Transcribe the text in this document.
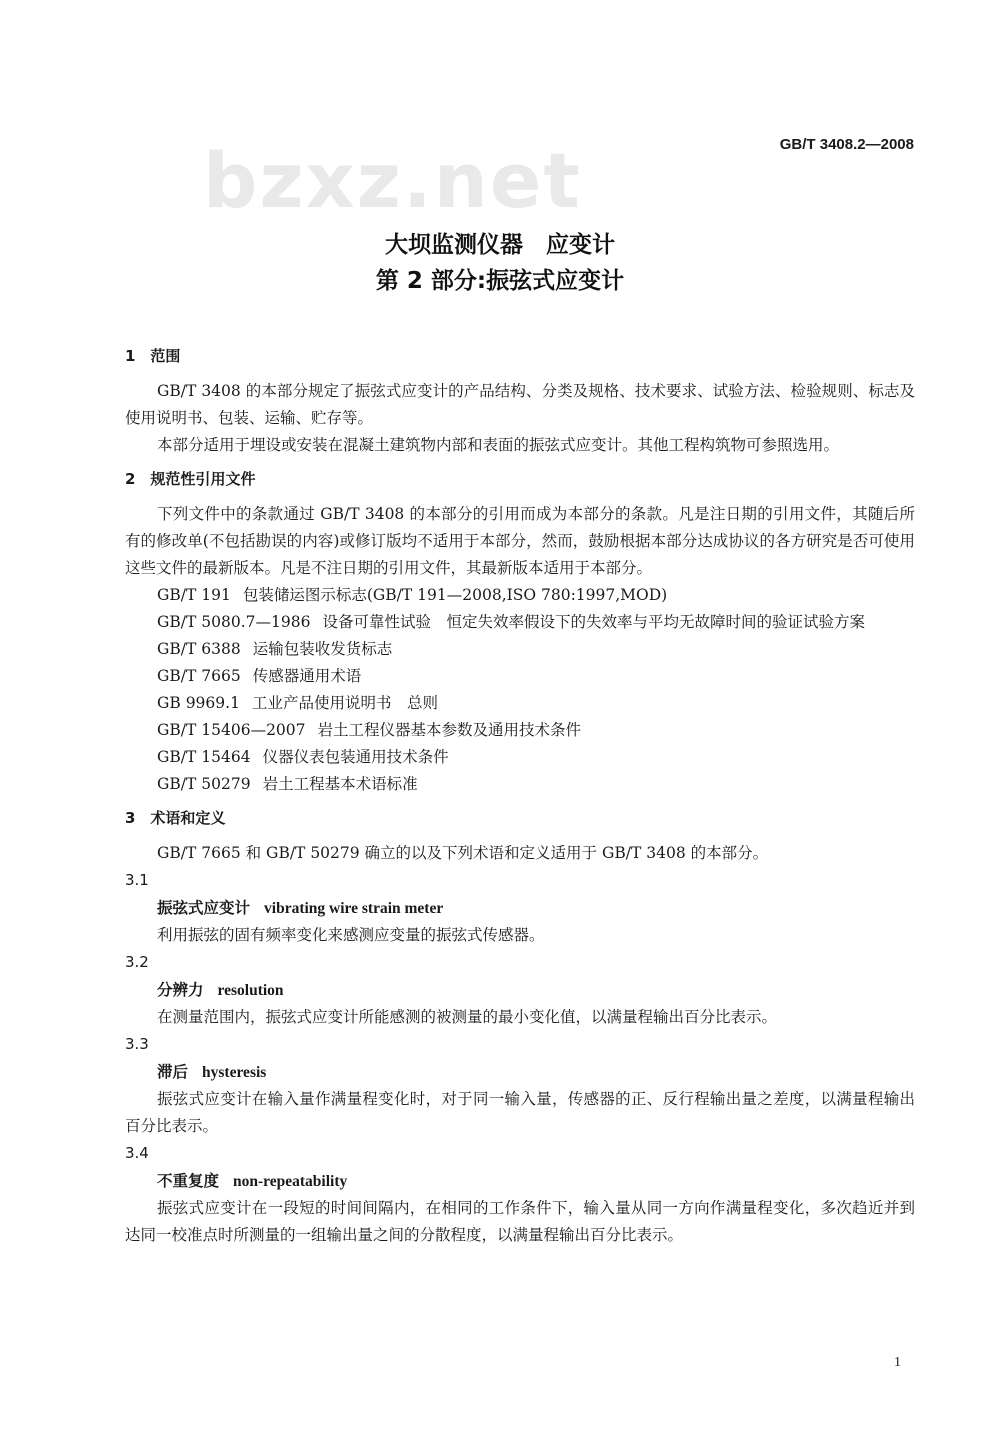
bzxz.net	GB/T 3408.2—2008
大坝监测仪器　应变计
第 2 部分:振弦式应变计
1　范围
GB/T 3408 的本部分规定了振弦式应变计的产品结构、分类及规格、技术要求、试验方法、检验规则、标志及使用说明书、包装、运输、贮存等。
本部分适用于埋设或安装在混凝土建筑物内部和表面的振弦式应变计。其他工程构筑物可参照选用。
2　规范性引用文件
下列文件中的条款通过 GB/T 3408 的本部分的引用而成为本部分的条款。凡是注日期的引用文件，其随后所有的修改单(不包括勘误的内容)或修订版均不适用于本部分，然而，鼓励根据本部分达成协议的各方研究是否可使用这些文件的最新版本。凡是不注日期的引用文件，其最新版本适用于本部分。
GB/T 191 包装储运图示标志(GB/T 191—2008,ISO 780:1997,MOD)
GB/T 5080.7—1986 设备可靠性试验　恒定失效率假设下的失效率与平均无故障时间的验证试验方案
GB/T 6388 运输包装收发货标志
GB/T 7665 传感器通用术语
GB 9969.1 工业产品使用说明书　总则
GB/T 15406—2007 岩土工程仪器基本参数及通用技术条件
GB/T 15464 仪器仪表包装通用技术条件
GB/T 50279 岩土工程基本术语标准
3　术语和定义
GB/T 7665 和 GB/T 50279 确立的以及下列术语和定义适用于 GB/T 3408 的本部分。
3.1
振弦式应变计 vibrating wire strain meter
利用振弦的固有频率变化来感测应变量的振弦式传感器。
3.2
分辨力 resolution
在测量范围内，振弦式应变计所能感测的被测量的最小变化值，以满量程输出百分比表示。
3.3
滞后 hysteresis
振弦式应变计在输入量作满量程变化时，对于同一输入量，传感器的正、反行程输出量之差度，以满量程输出百分比表示。
3.4
不重复度 non-repeatability
振弦式应变计在一段短的时间间隔内，在相同的工作条件下，输入量从同一方向作满量程变化，多次趋近并到达同一校准点时所测量的一组输出量之间的分散程度，以满量程输出百分比表示。
1
